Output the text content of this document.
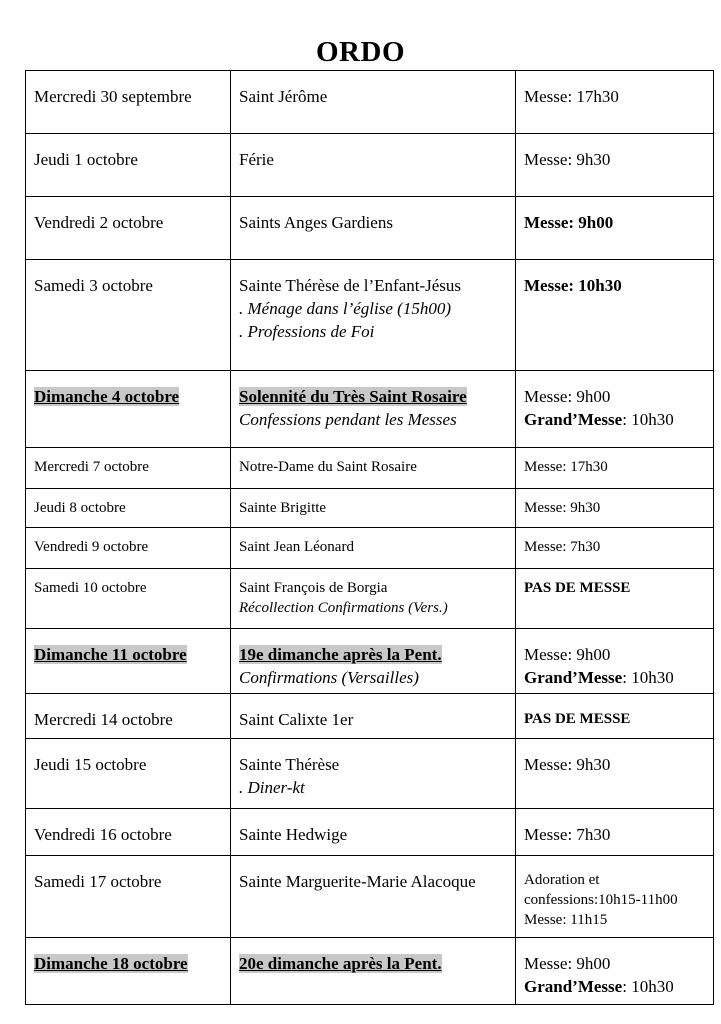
ORDO
Mercredi 30 septembre	Saint Jérôme	Messe: 17h30

Jeudi 1 octobre	Férie	Messe: 9h30

Vendredi 2 octobre	Saints Anges Gardiens	Messe: 9h00

Samedi 3 octobre	Sainte Thérèse de l’Enfant-Jésus
. Ménage dans l’église (15h00)
. Professions de Foi	Messe: 10h30

Dimanche 4 octobre	Solennité du Très Saint Rosaire
Confessions pendant les Messes	Messe: 9h00
Grand’Messe: 10h30

Mercredi 7 octobre	Notre-Dame du Saint Rosaire	Messe: 17h30

Jeudi 8 octobre	Sainte Brigitte	Messe: 9h30

Vendredi 9 octobre	Saint Jean Léonard	Messe: 7h30

Samedi 10 octobre	Saint François de Borgia
Récollection Confirmations (Vers.)	PAS DE MESSE

Dimanche 11 octobre	19e dimanche après la Pent.
Confirmations (Versailles)	Messe: 9h00
Grand’Messe: 10h30

Mercredi 14 octobre	Saint Calixte 1er	PAS DE MESSE

Jeudi 15 octobre	Sainte Thérèse
. Diner-kt	Messe: 9h30

Vendredi 16 octobre	Sainte Hedwige	Messe: 7h30

Samedi 17 octobre	Sainte Marguerite-Marie Alacoque	Adoration et
confessions:10h15-11h00
Messe: 11h15

Dimanche 18 octobre	20e dimanche après la Pent.	Messe: 9h00
Grand’Messe: 10h30
